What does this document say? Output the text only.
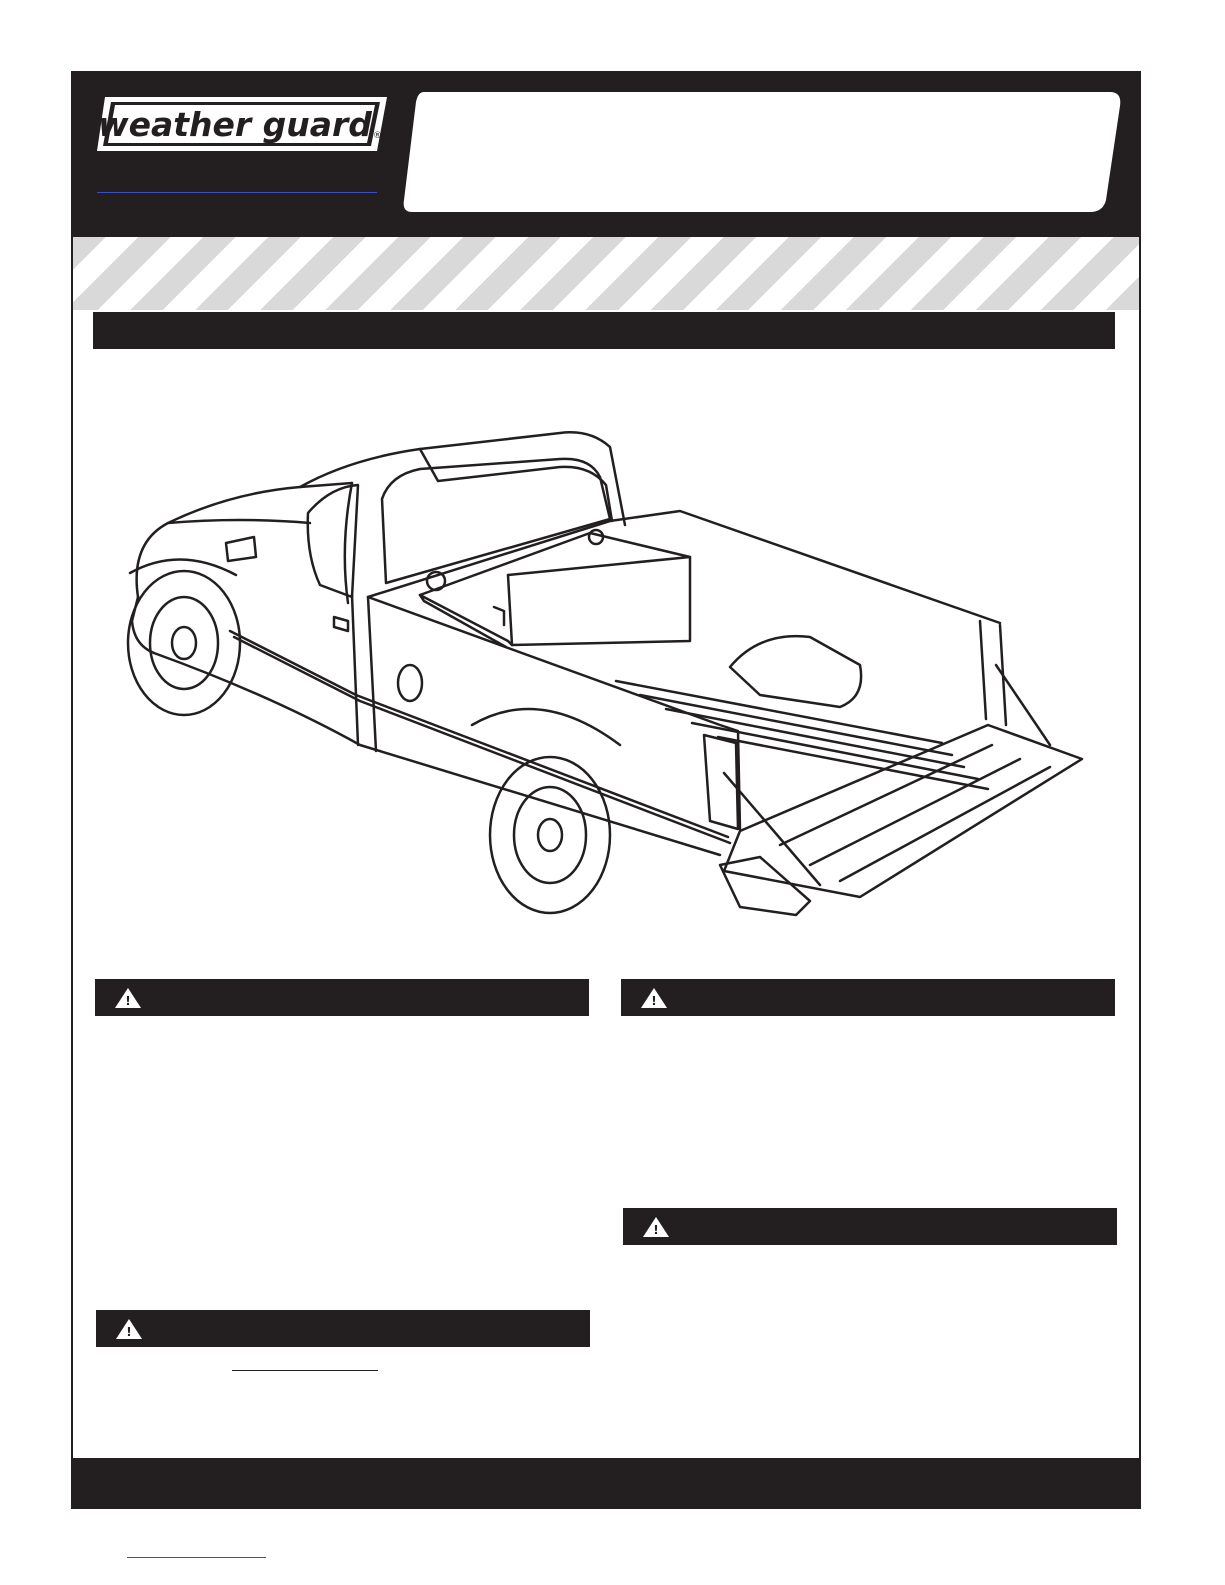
weather guard ®
!	!
!
!
